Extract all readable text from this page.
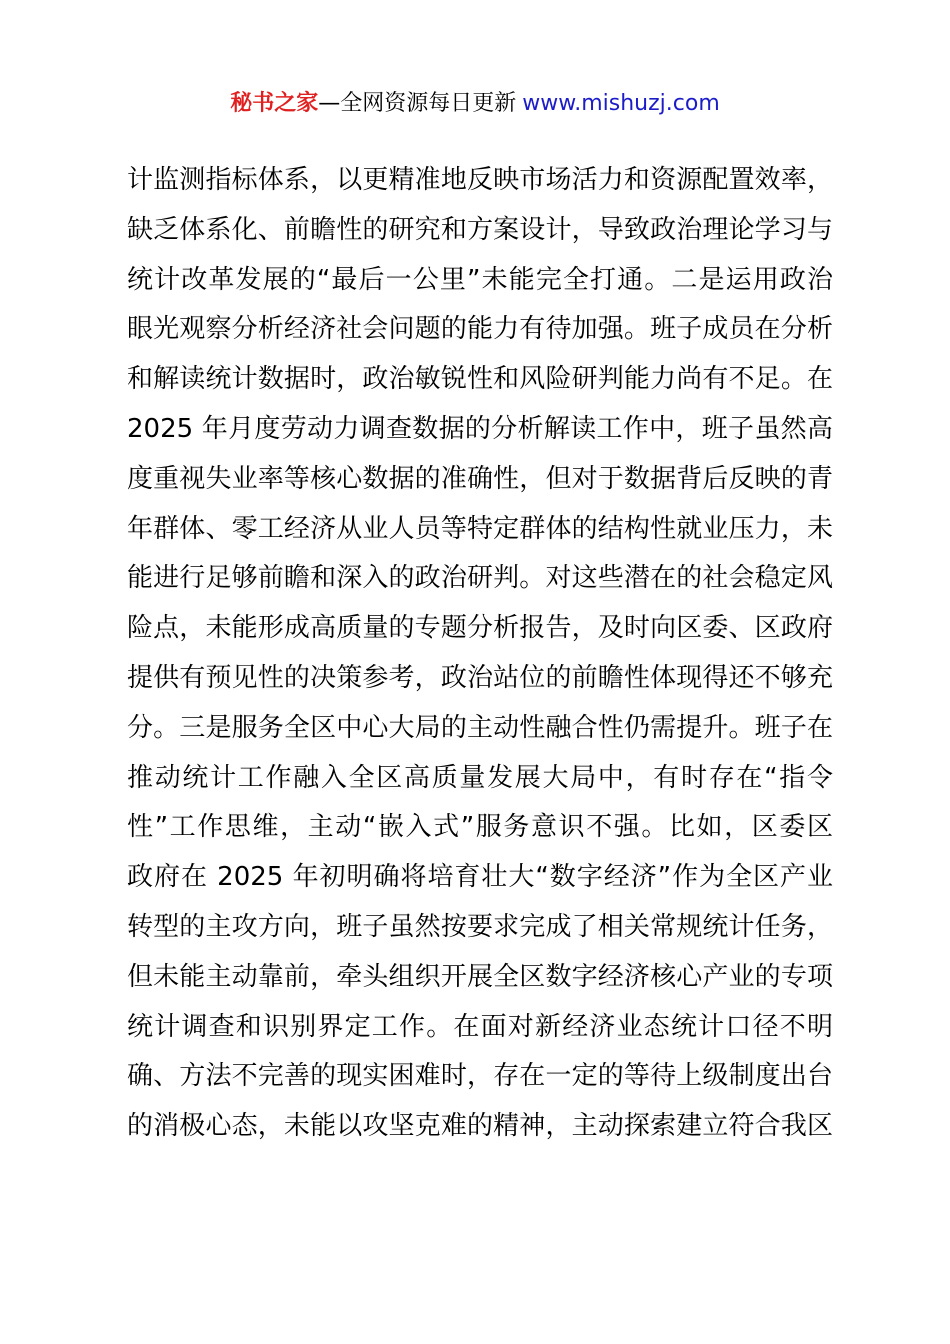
秘书之家—全网资源每日更新 www.mishuzj.com
计监测指标体系，以更精准地反映市场活力和资源配置效率，
缺乏体系化、前瞻性的研究和方案设计，导致政治理论学习与
统计改革发展的“最后一公里”未能完全打通。二是运用政治
眼光观察分析经济社会问题的能力有待加强。班子成员在分析
和解读统计数据时，政治敏锐性和风险研判能力尚有不足。在
2025 年月度劳动力调查数据的分析解读工作中，班子虽然高
度重视失业率等核心数据的准确性，但对于数据背后反映的青
年群体、零工经济从业人员等特定群体的结构性就业压力，未
能进行足够前瞻和深入的政治研判。对这些潜在的社会稳定风
险点，未能形成高质量的专题分析报告，及时向区委、区政府
提供有预见性的决策参考，政治站位的前瞻性体现得还不够充
分。三是服务全区中心大局的主动性融合性仍需提升。班子在
推动统计工作融入全区高质量发展大局中，有时存在“指令
性”工作思维，主动“嵌入式”服务意识不强。比如，区委区
政府在 2025 年初明确将培育壮大“数字经济”作为全区产业
转型的主攻方向，班子虽然按要求完成了相关常规统计任务，
但未能主动靠前，牵头组织开展全区数字经济核心产业的专项
统计调查和识别界定工作。在面对新经济业态统计口径不明
确、方法不完善的现实困难时，存在一定的等待上级制度出台
的消极心态，未能以攻坚克难的精神，主动探索建立符合我区
